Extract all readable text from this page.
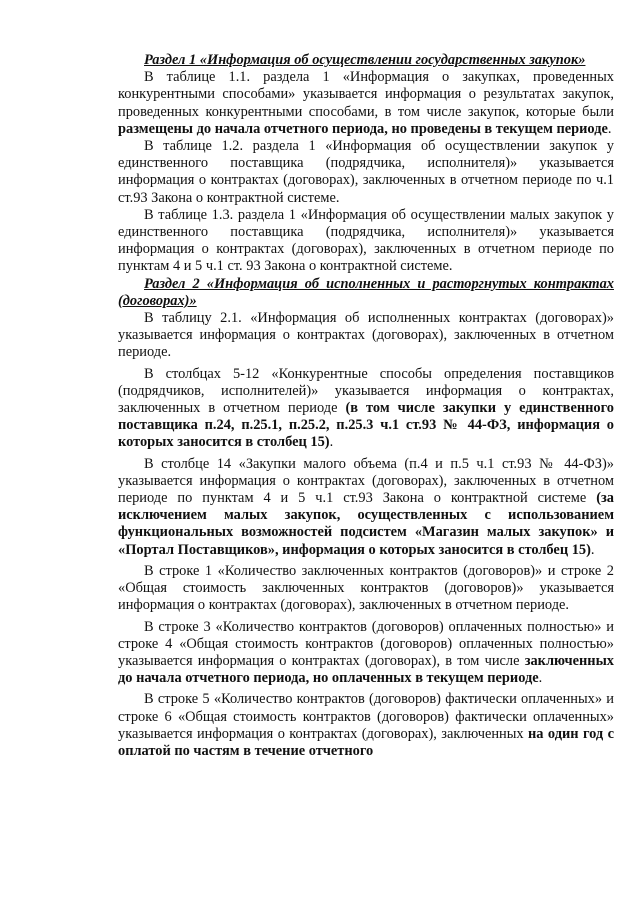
Раздел 1 «Информация об осуществлении государственных закупок»

В таблице 1.1. раздела 1 «Информация о закупках, проведенных конкурентными способами» указывается информация о результатах закупок, проведенных конкурентными способами, в том числе закупок, которые были размещены до начала отчетного периода, но проведены в текущем периоде.

В таблице 1.2. раздела 1 «Информация об осуществлении закупок у единственного поставщика (подрядчика, исполнителя)» указывается информация о контрактах (договорах), заключенных в отчетном периоде по ч.1 ст.93 Закона о контрактной системе.

В таблице 1.3. раздела 1 «Информация об осуществлении малых закупок у единственного поставщика (подрядчика, исполнителя)» указывается информация о контрактах (договорах), заключенных в отчетном периоде по пунктам 4 и 5 ч.1 ст. 93 Закона о контрактной системе.

Раздел 2 «Информация об исполненных и расторгнутых контрактах (договорах)»

В таблицу 2.1. «Информация об исполненных контрактах (договорах)» указывается информация о контрактах (договорах), заключенных в отчетном периоде.

В столбцах 5-12 «Конкурентные способы определения поставщиков (подрядчиков, исполнителей)» указывается информация о контрактах, заключенных в отчетном периоде (в том числе закупки у единственного поставщика п.24, п.25.1, п.25.2, п.25.3 ч.1 ст.93 № 44-ФЗ, информация о которых заносится в столбец 15).

В столбце 14 «Закупки малого объема (п.4 и п.5 ч.1 ст.93 № 44-ФЗ)» указывается информация о контрактах (договорах), заключенных в отчетном периоде по пунктам 4 и 5 ч.1 ст.93 Закона о контрактной системе (за исключением малых закупок, осуществленных с использованием функциональных возможностей подсистем «Магазин малых закупок» и «Портал Поставщиков», информация о которых заносится в столбец 15).

В строке 1 «Количество заключенных контрактов (договоров)» и строке 2 «Общая стоимость заключенных контрактов (договоров)» указывается информация о контрактах (договорах), заключенных в отчетном периоде.

В строке 3 «Количество контрактов (договоров) оплаченных полностью» и строке 4 «Общая стоимость контрактов (договоров) оплаченных полностью» указывается информация о контрактах (договорах), в том числе заключенных до начала отчетного периода, но оплаченных в текущем периоде.

В строке 5 «Количество контрактов (договоров) фактически оплаченных» и строке 6 «Общая стоимость контрактов (договоров) фактически оплаченных» указывается информация о контрактах (договорах), заключенных на один год с оплатой по частям в течение отчетного
